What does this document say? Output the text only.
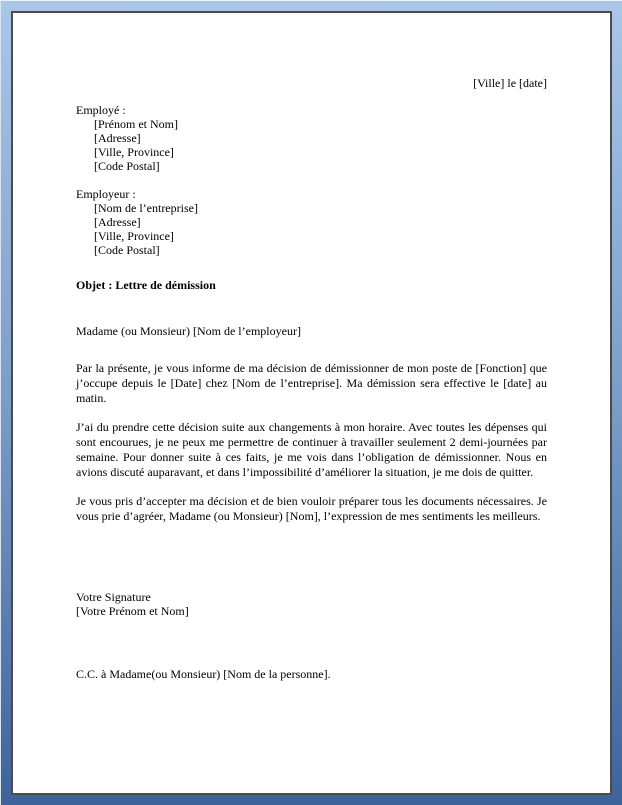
[Ville] le [date]
Employé :
[Prénom et Nom]
[Adresse]
[Ville, Province]
[Code Postal]
Employeur :
[Nom de l’entreprise]
[Adresse]
[Ville, Province]
[Code Postal]
Objet : Lettre de démission
Madame (ou Monsieur) [Nom de l’employeur]

Par la présente, je vous informe de ma décision de démissionner de mon poste de [Fonction] que j’occupe depuis le [Date] chez [Nom de l’entreprise]. Ma démission sera effective le [date] au matin.

J’ai du prendre cette décision suite aux changements à mon horaire. Avec toutes les dépenses qui sont encourues, je ne peux me permettre de continuer à travailler seulement 2 demi-journées par semaine. Pour donner suite à ces faits, je me vois dans l’obligation de démissionner. Nous en avions discuté auparavant, et dans l’impossibilité d’améliorer la situation, je me dois de quitter.

Je vous pris d’accepter ma décision et de bien vouloir préparer tous les documents nécessaires. Je vous prie d’agréer, Madame (ou Monsieur) [Nom], l’expression de mes sentiments les meilleurs.

Votre Signature
[Votre Prénom et Nom]
C.C. à Madame(ou Monsieur) [Nom de la personne].
